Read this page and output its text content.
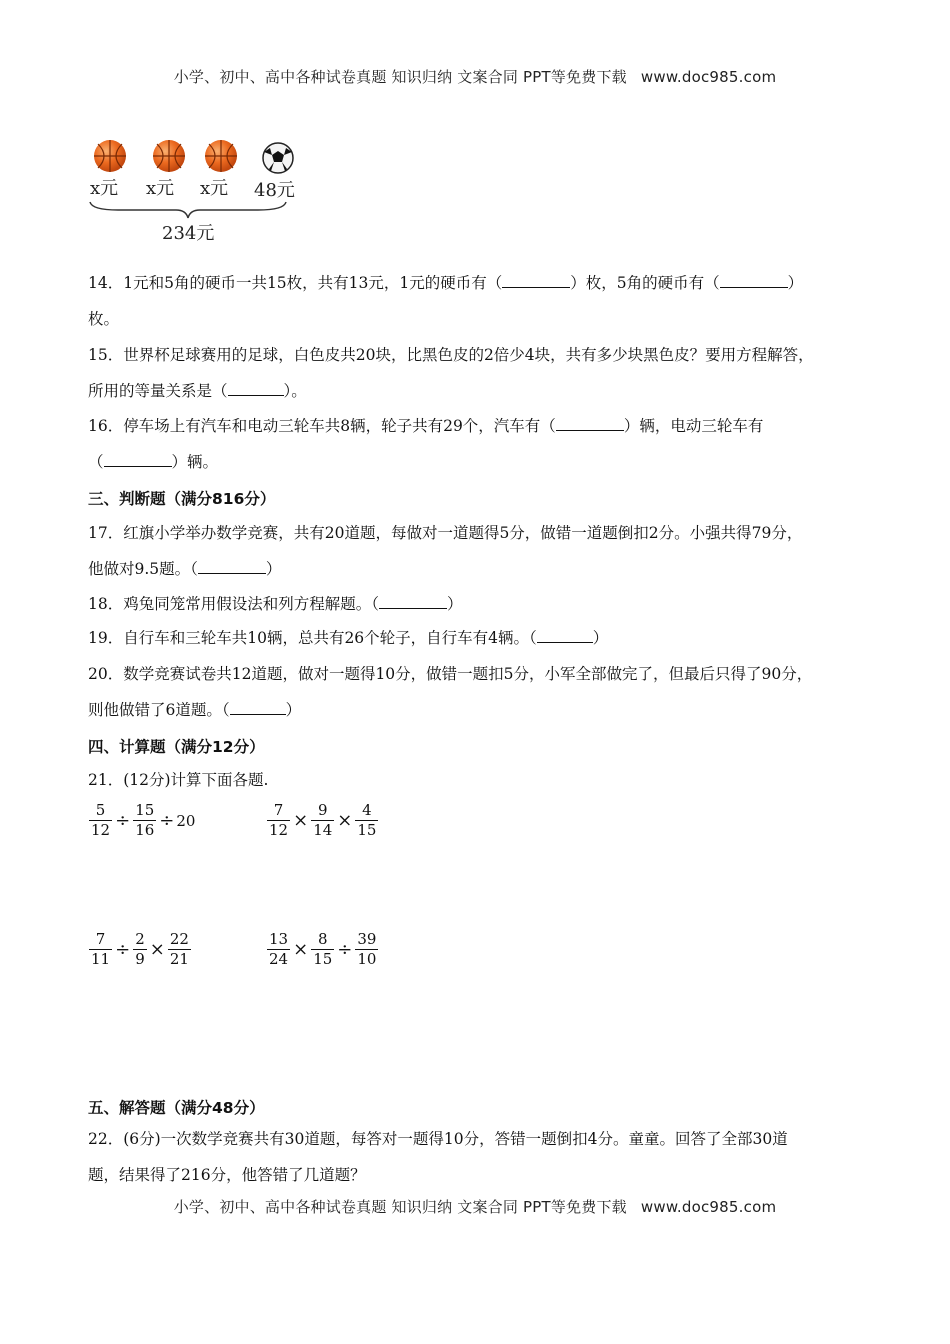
小学、初中、高中各种试卷真题 知识归纳 文案合同 PPT等免费下载 www.doc985.com
x元 x元 x元 48元
234元
14．1元和5角的硬币一共15枚，共有13元，1元的硬币有（	）枚，5角的硬币有（	）
枚。
15．世界杯足球赛用的足球，白色皮共20块，比黑色皮的2倍少4块，共有多少块黑色皮？要用方程解答，
所用的等量关系是（	）。
16．停车场上有汽车和电动三轮车共8辆，轮子共有29个，汽车有（	）辆，电动三轮车有
（	）辆。
三、判断题（满分816分）
17．红旗小学举办数学竞赛，共有20道题，每做对一道题得5分，做错一道题倒扣2分。小强共得79分，
他做对9.5题。（	）
18．鸡兔同笼常用假设法和列方程解题。（	）
19．自行车和三轮车共10辆，总共有26个轮子，自行车有4辆。（	）
20．数学竞赛试卷共12道题，做对一题得10分，做错一题扣5分，小军全部做完了，但最后只得了90分，
则他做错了6道题。（	）
四、计算题（满分12分）
21．(12分)计算下面各题.
$\frac{5}{12} \div \frac{15}{16} \div 20$	$\frac{7}{12} \times \frac{9}{14} \times \frac{4}{15}$
$\frac{7}{11} \div \frac{2}{9} \times \frac{22}{21}$	$\frac{13}{24} \times \frac{8}{15} \div \frac{39}{10}$
五、解答题（满分48分）
22．(6分)一次数学竞赛共有30道题，每答对一题得10分，答错一题倒扣4分。童童。回答了全部30道
题，结果得了216分，他答错了几道题？
小学、初中、高中各种试卷真题 知识归纳 文案合同 PPT等免费下载 www.doc985.com
